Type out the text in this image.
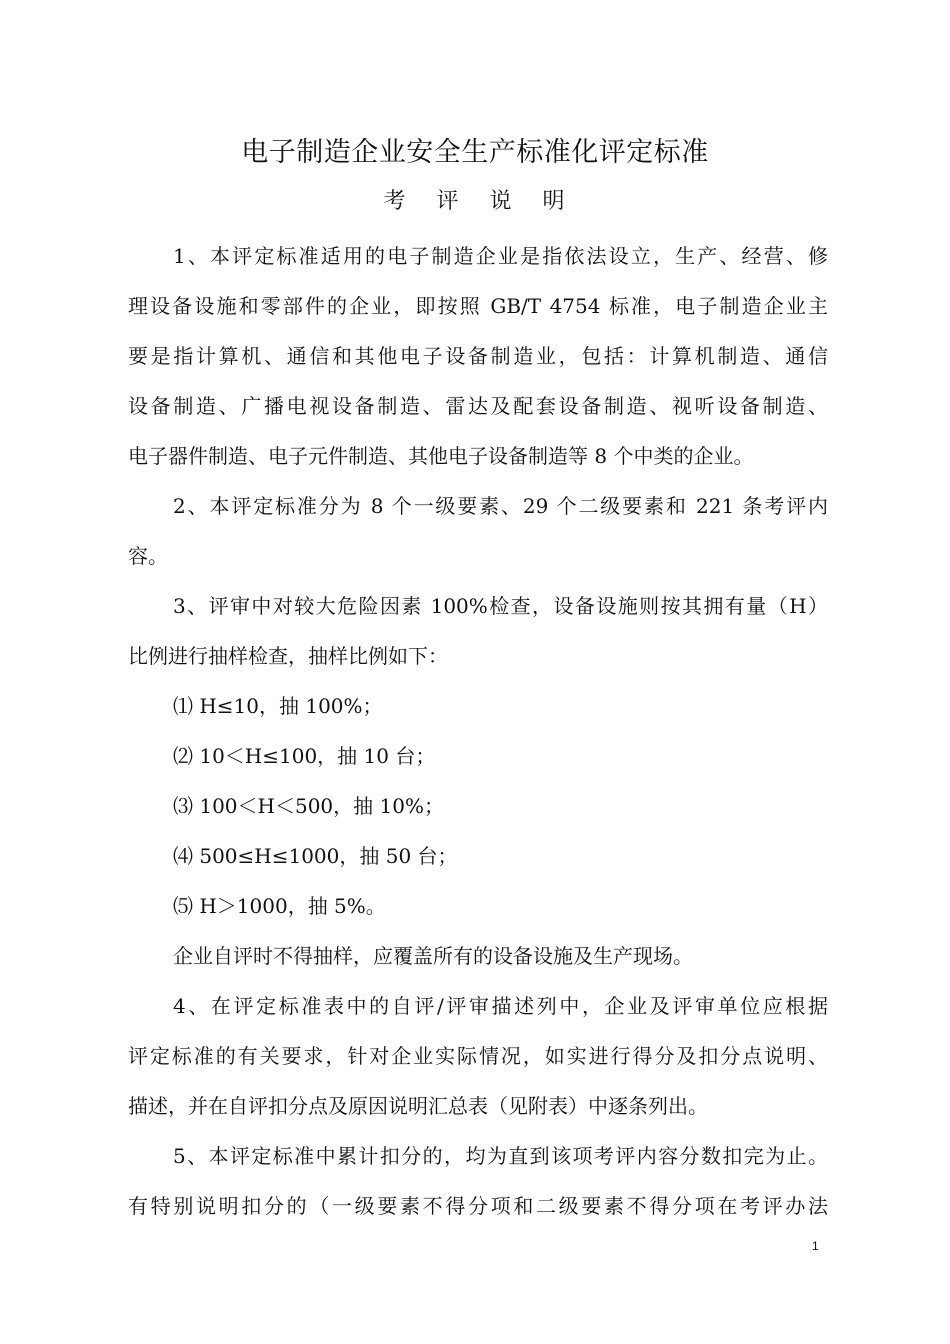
电子制造企业安全生产标准化评定标准
考 评 说 明
1、本评定标准适用的电子制造企业是指依法设立，生产、经营、修
理设备设施和零部件的企业，即按照 GB/T 4754 标准，电子制造企业主
要是指计算机、通信和其他电子设备制造业，包括：计算机制造、通信
设备制造、广播电视设备制造、雷达及配套设备制造、视听设备制造、
电子器件制造、电子元件制造、其他电子设备制造等 8 个中类的企业。
2、本评定标准分为 8 个一级要素、29 个二级要素和 221 条考评内
容。
3、评审中对较大危险因素 100%检查，设备设施则按其拥有量（H）
比例进行抽样检查，抽样比例如下：
⑴ H≤10，抽 100%；
⑵ 10＜H≤100，抽 10 台；
⑶ 100＜H＜500，抽 10%；
⑷ 500≤H≤1000，抽 50 台；
⑸ H＞1000，抽 5%。
企业自评时不得抽样，应覆盖所有的设备设施及生产现场。
4、在评定标准表中的自评/评审描述列中，企业及评审单位应根据
评定标准的有关要求，针对企业实际情况，如实进行得分及扣分点说明、
描述，并在自评扣分点及原因说明汇总表（见附表）中逐条列出。
5、本评定标准中累计扣分的，均为直到该项考评内容分数扣完为止。
有特别说明扣分的（一级要素不得分项和二级要素不得分项在考评办法
1
